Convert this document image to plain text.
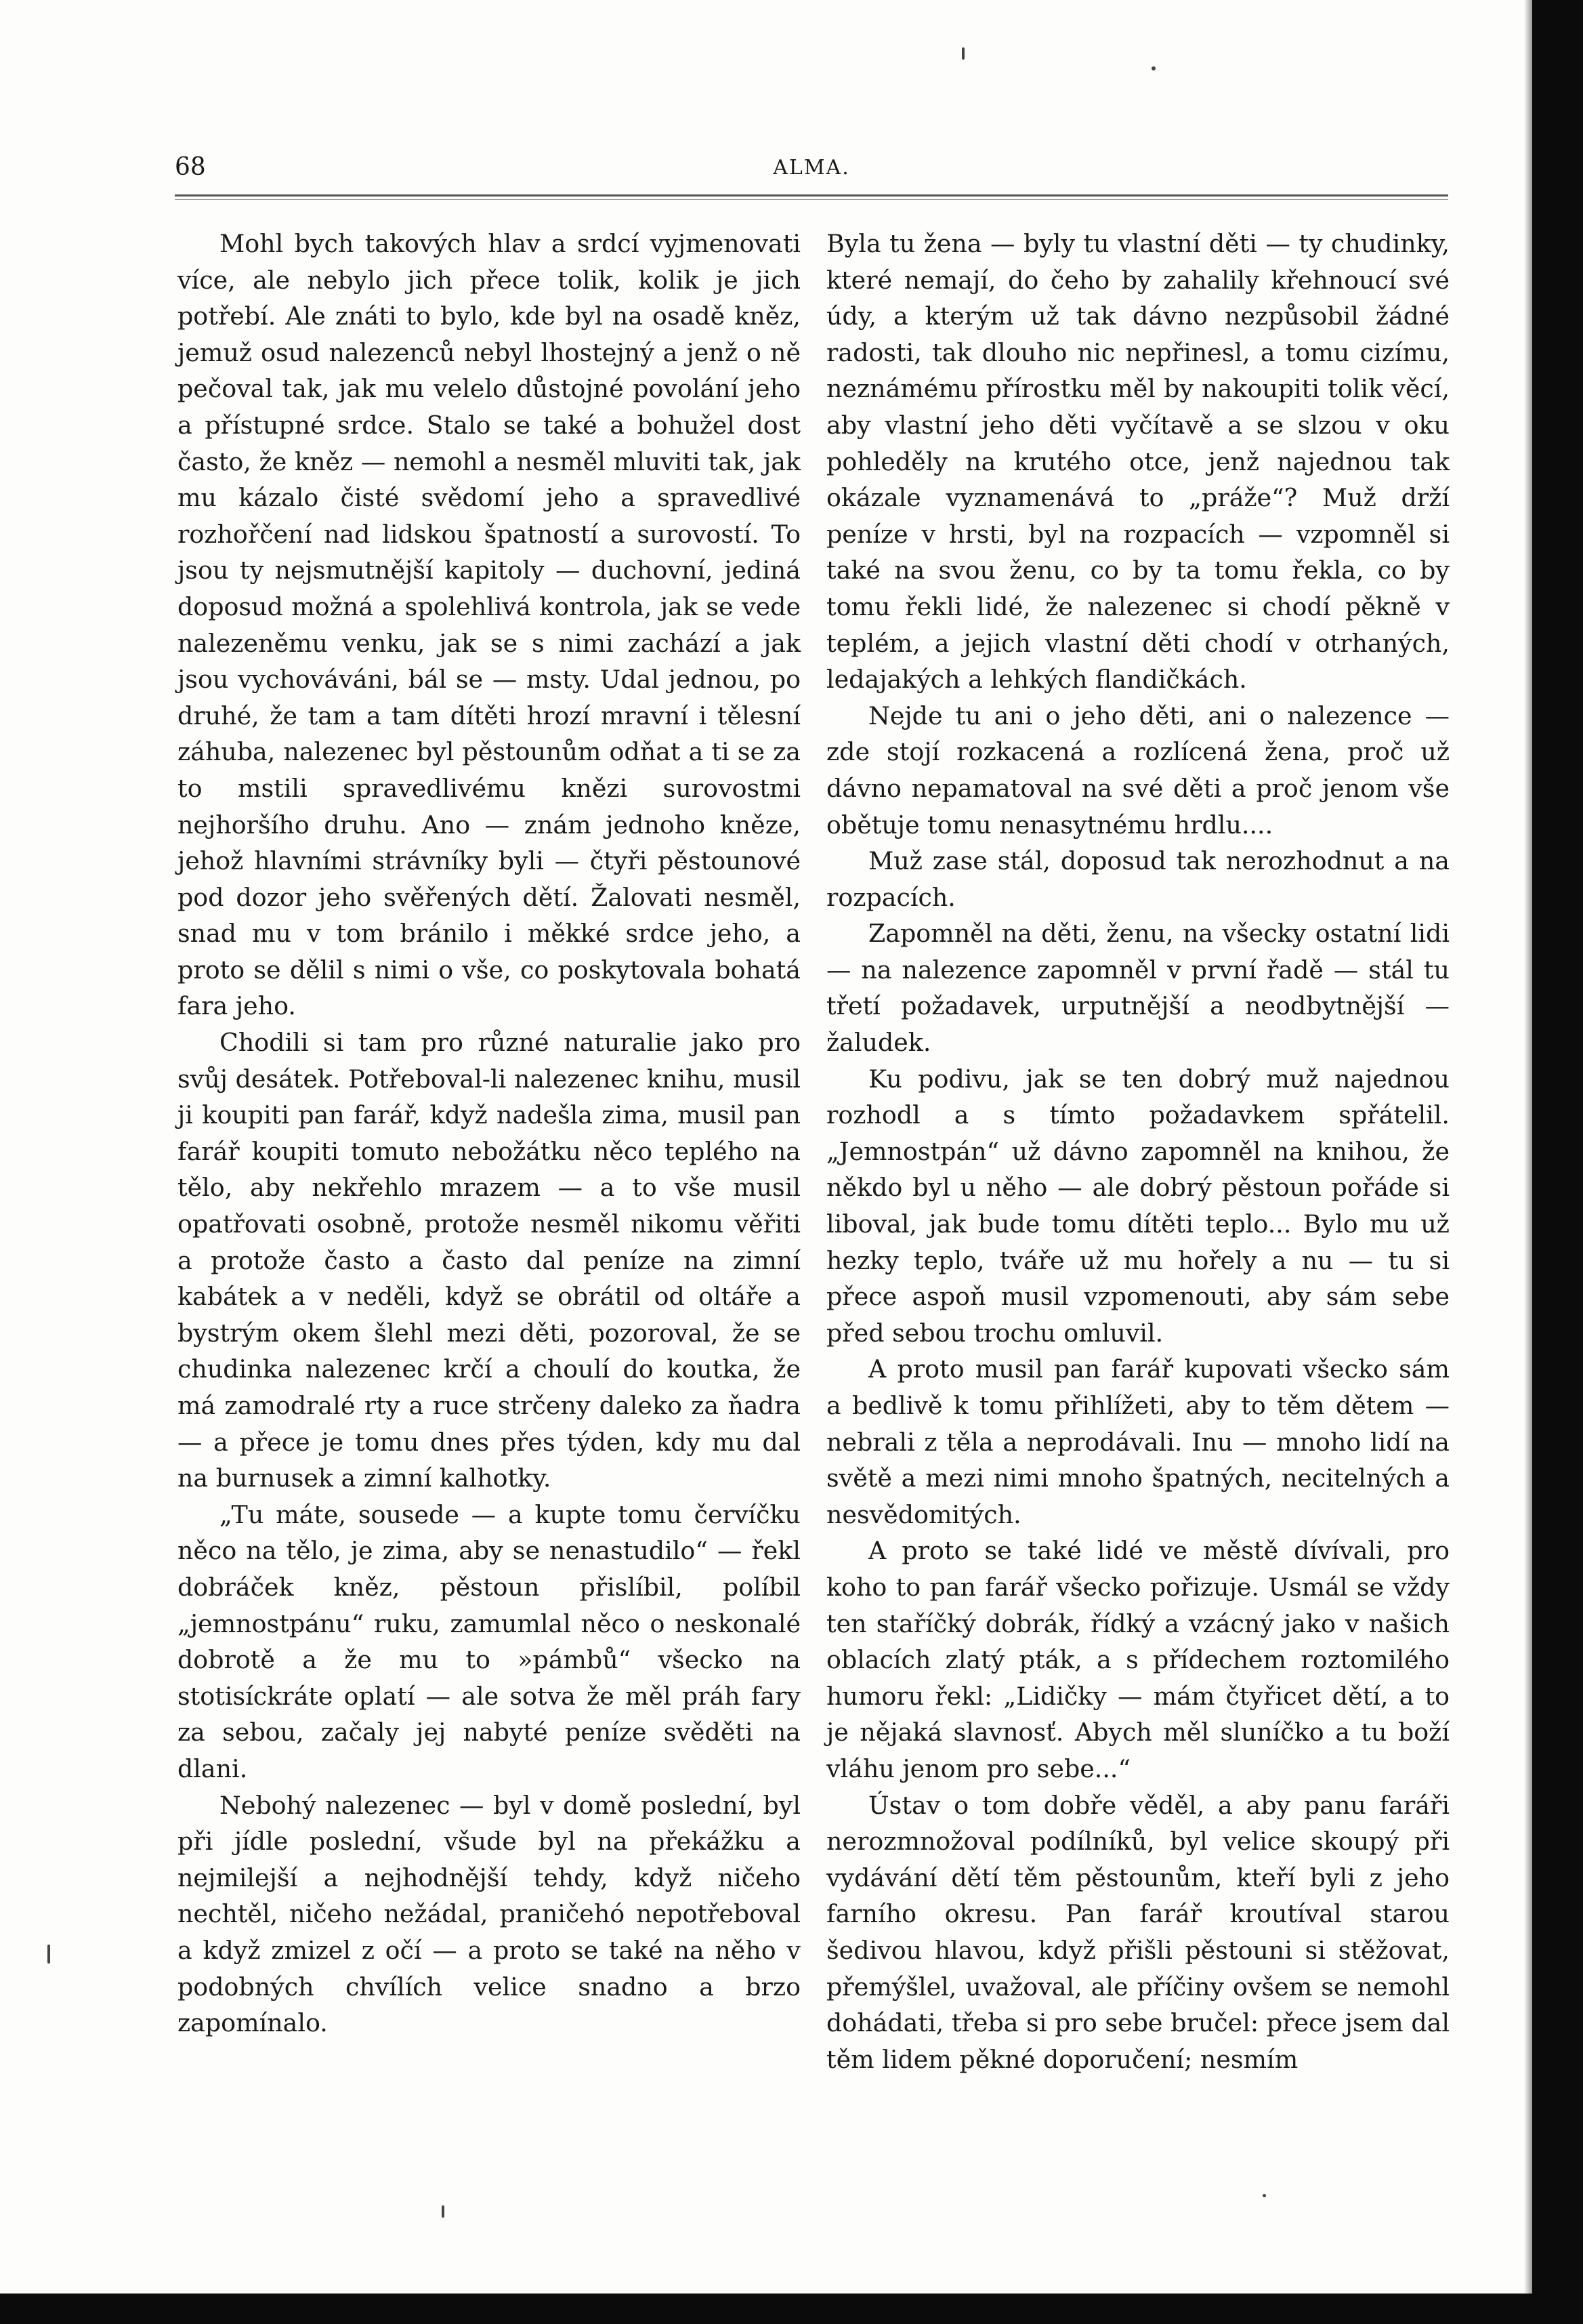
68	ALMA.

Mohl bych takových hlav a srdcí vyjmenovati více, ale nebylo jich přece tolik, kolik je jich potřebí. Ale znáti to bylo, kde byl na osadě kněz, jemuž osud nalezenců nebyl lhostejný a jenž o ně pečoval tak, jak mu velelo důstojné povolání jeho a přístupné srdce. Stalo se také a bohužel dost často, že kněz — nemohl a nesměl mluviti tak, jak mu kázalo čisté svědomí jeho a spravedlivé rozhořčení nad lidskou špatností a surovostí. To jsou ty nejsmutnější kapitoly — duchovní, jediná doposud možná a spolehlivá kontrola, jak se vede nalezeněmu venku, jak se s nimi zachází a jak jsou vychováváni, bál se — msty. Udal jednou, po druhé, že tam a tam dítěti hrozí mravní i tělesní záhuba, nalezenec byl pěstounům odňat a ti se za to mstili spravedlivému knězi surovostmi nejhoršího druhu. Ano — znám jednoho kněze, jehož hlavními strávníky byli — čtyři pěstounové pod dozor jeho svěřených dětí. Žalovati nesměl, snad mu v tom bránilo i měkké srdce jeho, a proto se dělil s nimi o vše, co poskytovala bohatá fara jeho.

Chodili si tam pro různé naturalie jako pro svůj desátek. Potřeboval-li nalezenec knihu, musil ji koupiti pan farář, když nadešla zima, musil pan farář koupiti tomuto nebožátku něco teplého na tělo, aby nekřehlo mrazem — a to vše musil opatřovati osobně, protože nesměl nikomu věřiti a protože často a často dal peníze na zimní kabátek a v neděli, když se obrátil od oltáře a bystrým okem šlehl mezi děti, pozoroval, že se chudinka nalezenec krčí a choulí do koutka, že má zamodralé rty a ruce strčeny daleko za ňadra — a přece je tomu dnes přes týden, kdy mu dal na burnusek a zimní kalhotky.

„Tu máte, sousede — a kupte tomu červíčku něco na tělo, je zima, aby se nenastudilo“ — řekl dobráček kněz, pěstoun přislíbil, políbil „jemnostpánu“ ruku, zamumlal něco o neskonalé dobrotě a že mu to »pámbů“ všecko na stotisíckráte oplatí — ale sotva že měl práh fary za sebou, začaly jej nabyté peníze svěděti na dlani.

Nebohý nalezenec — byl v domě poslední, byl při jídle poslední, všude byl na překážku a nejmilejší a nejhodnější tehdy, když ničeho nechtěl, ničeho nežádal, praničehó nepotřeboval a když zmizel z očí — a proto se také na něho v podobných chvílích velice snadno a brzo zapomínalo.

Byla tu žena — byly tu vlastní děti — ty chudinky, které nemají, do čeho by zahalily křehnoucí své údy, a kterým už tak dávno nezpůsobil žádné radosti, tak dlouho nic nepřinesl, a tomu cizímu, neznámému přírostku měl by nakoupiti tolik věcí, aby vlastní jeho děti vyčítavě a se slzou v oku pohleděly na krutého otce, jenž najednou tak okázale vyznamenává to „práže“? Muž drží peníze v hrsti, byl na rozpacích — vzpomněl si také na svou ženu, co by ta tomu řekla, co by tomu řekli lidé, že nalezenec si chodí pěkně v teplém, a jejich vlastní děti chodí v otrhaných, ledajakých a lehkých flandičkách.

Nejde tu ani o jeho děti, ani o nalezence — zde stojí rozkacená a rozlícená žena, proč už dávno nepamatoval na své děti a proč jenom vše obětuje tomu nenasytnému hrdlu....

Muž zase stál, doposud tak nerozhodnut a na rozpacích.

Zapomněl na děti, ženu, na všecky ostatní lidi — na nalezence zapomněl v první řadě — stál tu třetí požadavek, urputnější a neodbytnější — žaludek.

Ku podivu, jak se ten dobrý muž najednou rozhodl a s tímto požadavkem spřátelil. „Jemnostpán“ už dávno zapomněl na knihou, že někdo byl u něho — ale dobrý pěstoun pořáde si liboval, jak bude tomu dítěti teplo... Bylo mu už hezky teplo, tváře už mu hořely a nu — tu si přece aspoň musil vzpomenouti, aby sám sebe před sebou trochu omluvil.

A proto musil pan farář kupovati všecko sám a bedlivě k tomu přihlížeti, aby to těm dětem — nebrali z těla a neprodávali. Inu — mnoho lidí na světě a mezi nimi mnoho špatných, necitelných a nesvědomitých.

A proto se také lidé ve městě dívívali, pro koho to pan farář všecko pořizuje. Usmál se vždy ten staříčký dobrák, řídký a vzácný jako v našich oblacích zlatý pták, a s přídechem roztomilého humoru řekl: „Lidičky — mám čtyřicet dětí, a to je nějaká slavnosť. Abych měl sluníčko a tu boží vláhu jenom pro sebe...“

Ústav o tom dobře věděl, a aby panu faráři nerozmnožoval podílníků, byl velice skoupý při vydávání dětí těm pěstounům, kteří byli z jeho farního okresu. Pan farář kroutíval starou šedivou hlavou, když přišli pěstouni si stěžovat, přemýšlel, uvažoval, ale příčiny ovšem se nemohl dohádati, třeba si pro sebe bručel: přece jsem dal těm lidem pěkné doporučení; nesmím
